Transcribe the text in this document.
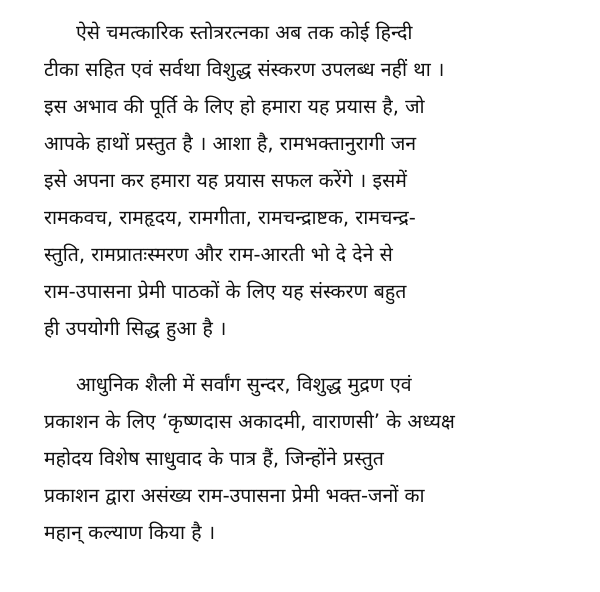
ऐसे चमत्कारिक स्तोत्ररत्नका अब तक कोई हिन्दी
टीका सहित एवं सर्वथा विशुद्ध संस्करण उपलब्ध नहीं था ।
इस अभाव की पूर्ति के लिए हो हमारा यह प्रयास है, जो
आपके हाथों प्रस्तुत है । आशा है, रामभक्तानुरागी जन
इसे अपना कर हमारा यह प्रयास सफल करेंगे । इसमें
रामकवच, रामहृदय, रामगीता, रामचन्द्राष्टक, रामचन्द्र-
स्तुति, रामप्रातःस्मरण और राम-आरती भो दे देने से
राम-उपासना प्रेमी पाठकों के लिए यह संस्करण बहुत
ही उपयोगी सिद्ध हुआ है ।
आधुनिक शैली में सर्वांग सुन्दर, विशुद्ध मुद्रण एवं
प्रकाशन के लिए ‘कृष्णदास अकादमी, वाराणसी’ के अध्यक्ष
महोदय विशेष साधुवाद के पात्र हैं, जिन्होंने प्रस्तुत
प्रकाशन द्वारा असंख्य राम-उपासना प्रेमी भक्त-जनों का
महान् कल्याण किया है ।
